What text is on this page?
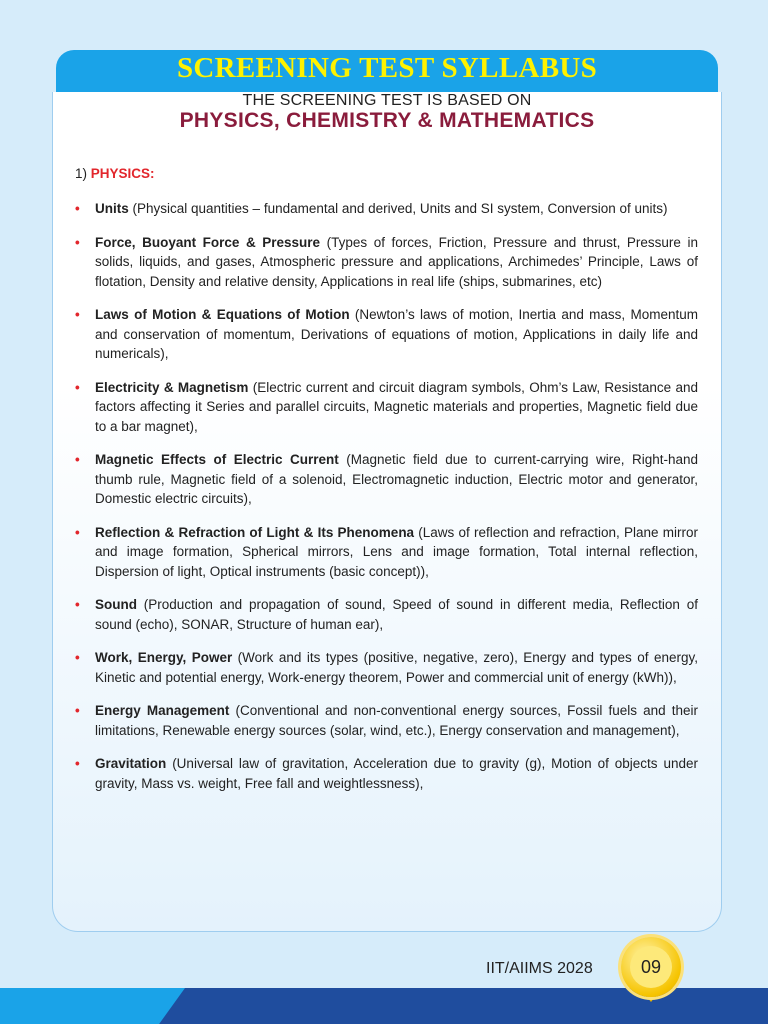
SCREENING TEST SYLLABUS
THE SCREENING TEST IS BASED ON
PHYSICS, CHEMISTRY & MATHEMATICS
1) PHYSICS:
• Units (Physical quantities – fundamental and derived, Units and SI system, Conversion of units)
• Force, Buoyant Force & Pressure (Types of forces, Friction, Pressure and thrust, Pressure in solids, liquids, and gases, Atmospheric pressure and applications, Archimedes’ Principle, Laws of flotation, Density and relative density, Applications in real life (ships, submarines, etc)
• Laws of Motion & Equations of Motion (Newton’s laws of motion, Inertia and mass, Momentum and conservation of momentum, Derivations of equations of motion, Applications in daily life and numericals),
• Electricity & Magnetism (Electric current and circuit diagram symbols, Ohm’s Law, Resistance and factors affecting it Series and parallel circuits, Magnetic materials and properties, Magnetic field due to a bar magnet),
• Magnetic Effects of Electric Current (Magnetic field due to current-carrying wire, Right-hand thumb rule, Magnetic field of a solenoid, Electromagnetic induction, Electric motor and generator, Domestic electric circuits),
• Reflection & Refraction of Light & Its Phenomena (Laws of reflection and refraction, Plane mirror and image formation, Spherical mirrors, Lens and image formation, Total internal reflection, Dispersion of light, Optical instruments (basic concept)),
• Sound (Production and propagation of sound, Speed of sound in different media, Reflection of sound (echo), SONAR, Structure of human ear),
• Work, Energy, Power (Work and its types (positive, negative, zero), Energy and types of energy, Kinetic and potential energy, Work-energy theorem, Power and commercial unit of energy (kWh)),
• Energy Management (Conventional and non-conventional energy sources, Fossil fuels and their limitations, Renewable energy sources (solar, wind, etc.), Energy conservation and management),
• Gravitation (Universal law of gravitation, Acceleration due to gravity (g), Motion of objects under gravity, Mass vs. weight, Free fall and weightlessness),
IIT/AIIMS 2028	09
